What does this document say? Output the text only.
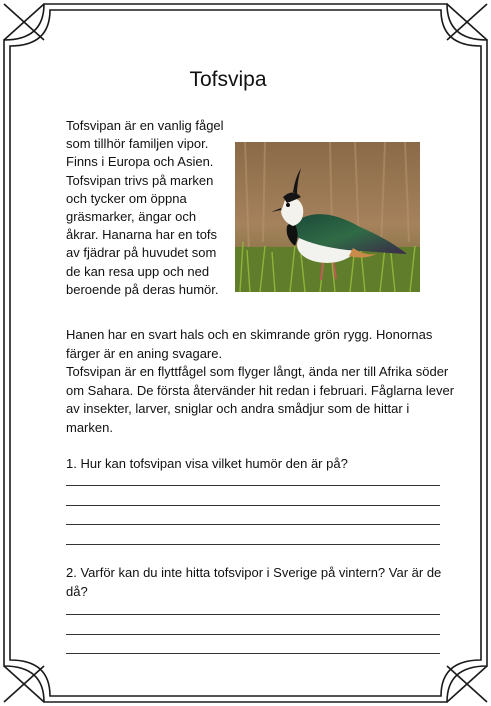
Tofsvipa
Tofsvipan är en vanlig fågel som tillhör familjen vipor. Finns i Europa och Asien. Tofsvipan trivs på marken och tycker om öppna gräsmarker, ängar och åkrar. Hanarna har en tofs av fjädrar på huvudet som de kan resa upp och ned beroende på deras humör.

Hanen har en svart hals och en skimrande grön rygg. Honornas färger är en aning svagare.

Tofsvipan är en flyttfågel som flyger långt, ända ner till Afrika söder om Sahara. De första återvänder hit redan i februari. Fåglarna lever av insekter, larver, sniglar och andra smådjur som de hittar i marken.

1. Hur kan tofsvipan visa vilket humör den är på?
2. Varför kan du inte hitta tofsvipor i Sverige på vintern? Var är de då?
